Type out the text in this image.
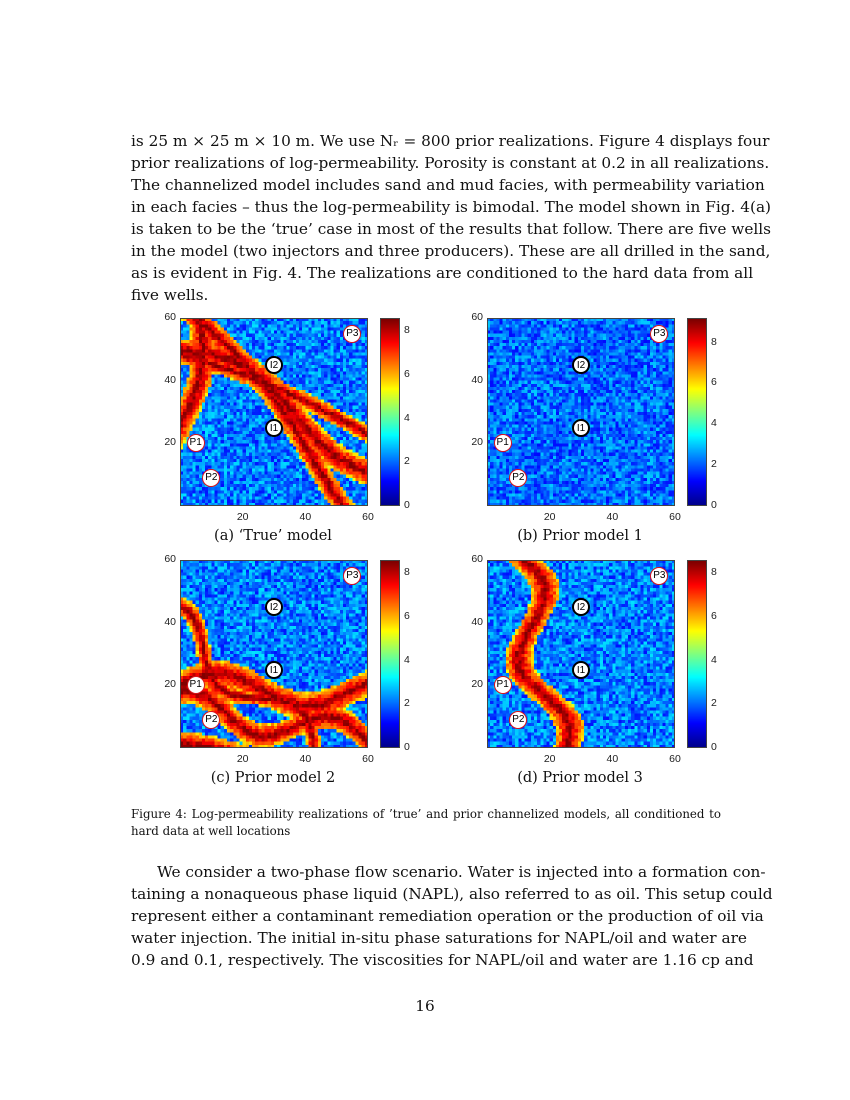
is 25 m × 25 m × 10 m. We use Nᵣ = 800 prior realizations. Figure 4 displays four
prior realizations of log-permeability. Porosity is constant at 0.2 in all realizations.
The channelized model includes sand and mud facies, with permeability variation
in each facies – thus the log-permeability is bimodal. The model shown in Fig. 4(a)
is taken to be the ‘true’ case in most of the results that follow. There are five wells
in the model (two injectors and three producers). These are all drilled in the sand,
as is evident in Fig. 4. The realizations are conditioned to the hard data from all
five wells.
8
6
4
2
0
60
40
20
20	40	60
P1
P2
P3
I1
I2
8
6
4
2
0
60
40
20
20	40	60
P1
P2
P3
I1
I2
8
6
4
2
0
60
40
20
20	40	60
P1
P2
P3
I1
I2
8
6
4
2
0
60
40
20
20	40	60
P1
P2
P3
I1
I2
(a) ‘True’ model	(b) Prior model 1
(c) Prior model 2	(d) Prior model 3
Figure 4: Log-permeability realizations of ’true’ and prior channelized models, all conditioned to
hard data at well locations
We consider a two-phase flow scenario. Water is injected into a formation con-
taining a nonaqueous phase liquid (NAPL), also referred to as oil. This setup could
represent either a contaminant remediation operation or the production of oil via
water injection. The initial in-situ phase saturations for NAPL/oil and water are
0.9 and 0.1, respectively. The viscosities for NAPL/oil and water are 1.16 cp and
16
